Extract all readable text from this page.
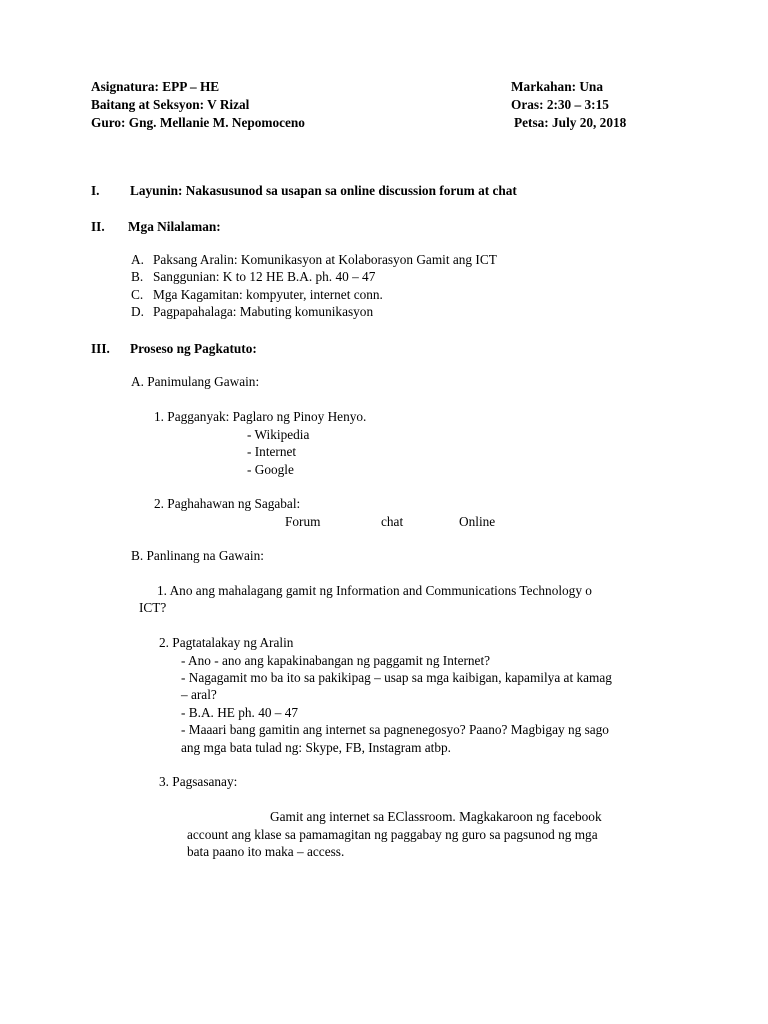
Asignatura: EPP – HE
Baitang at Seksyon: V Rizal
Guro: Gng. Mellanie M. Nepomoceno
Markahan: Una
Oras: 2:30 – 3:15
Petsa: July 20, 2018
I. Layunin: Nakasusunod sa usapan sa online discussion forum at chat
II. Mga Nilalaman:
A. Paksang Aralin: Komunikasyon at Kolaborasyon Gamit ang ICT
B. Sanggunian: K to 12 HE B.A. ph. 40 – 47
C. Mga Kagamitan: kompyuter, internet conn.
D. Pagpapahalaga: Mabuting komunikasyon
III. Proseso ng Pagkatuto:
A. Panimulang Gawain:
1. Pagganyak: Paglaro ng Pinoy Henyo.
- Wikipedia
- Internet
- Google
2. Paghahawan ng Sagabal:
Forum	chat	Online
B. Panlinang na Gawain:
1. Ano ang mahalagang gamit ng Information and Communications Technology o
ICT?
2. Pagtatalakay ng Aralin
- Ano - ano ang kapakinabangan ng paggamit ng Internet?
- Nagagamit mo ba ito sa pakikipag – usap sa mga kaibigan, kapamilya at kamag
– aral?
- B.A. HE ph. 40 – 47
- Maaari bang gamitin ang internet sa pagnenegosyo? Paano? Magbigay ng sago
ang mga bata tulad ng: Skype, FB, Instagram atbp.
3. Pagsasanay:
Gamit ang internet sa EClassroom. Magkakaroon ng facebook
account ang klase sa pamamagitan ng paggabay ng guro sa pagsunod ng mga
bata paano ito maka – access.
